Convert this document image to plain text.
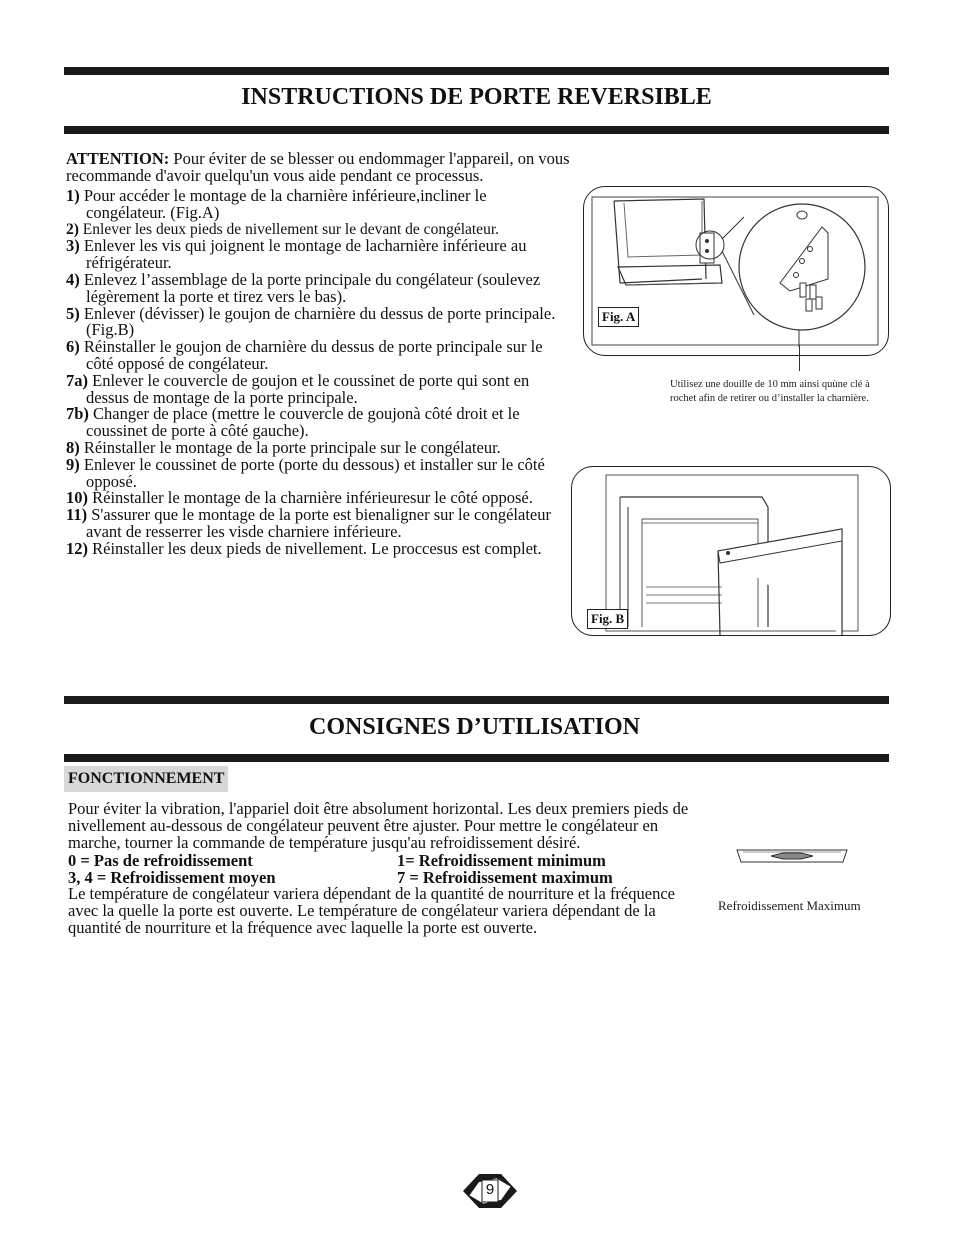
INSTRUCTIONS DE PORTE REVERSIBLE
ATTENTION: Pour éviter de se blesser ou endommager l'appareil, on vous recommande d'avoir quelqu'un vous aide pendant ce processus.

1) Pour accéder le montage de la charnière inférieure,incliner le congélateur. (Fig.A)

2) Enlever les deux pieds de nivellement sur le devant de congélateur.

3) Enlever les vis qui joignent le montage de lacharnière inférieure au réfrigérateur.

4) Enlevez l’assemblage de la porte principale du congélateur (soulevez légèrement la porte et tirez vers le bas).

5) Enlever (dévisser) le goujon de charnière du dessus de porte principale. (Fig.B)

6) Réinstaller le goujon de charnière du dessus de porte principale sur le côté opposé de congélateur.

7a) Enlever le couvercle de goujon et le coussinet de porte qui sont en dessus de montage de la porte principale.

7b) Changer de place (mettre le couvercle de goujonà côté droit et le coussinet de porte à côté gauche).

8) Réinstaller le montage de la porte principale sur le congélateur.

9) Enlever le coussinet de porte (porte du dessous) et installer sur le côté opposé.

10) Réinstaller le montage de la charnière inférieuresur le côté opposé.

11) S'assurer que le montage de la porte est bienaligner sur le congélateur avant de resserrer les visde charniere inférieure.

12) Réinstaller les deux pieds de nivellement. Le proccesus est complet.

Fig. A
Utilisez une douille de 10 mm ainsi quùne clé à rochet afin de retirer ou d’installer la charnière.
Fig. B
CONSIGNES D’UTILISATION
FONCTIONNEMENT
Pour éviter la vibration, l'appariel doit être absolument horizontal. Les deux premiers pieds de nivellement au-dessous de congélateur peuvent être ajuster. Pour mettre le congélateur en marche, tourner la commande de température jusqu'au refroidissement désiré.
0 = Pas de refroidissement	1= Refroidissement minimum
3, 4 = Refroidissement moyen	7 = Refroidissement maximum
Le température de congélateur variera dépendant de la quantité de nourriture et la fréquence avec la quelle la porte est ouverte. Le température de congélateur variera dépendant de la quantité de nourriture et la fréquence avec laquelle la porte est ouverte.
Refroidissement Maximum
9
